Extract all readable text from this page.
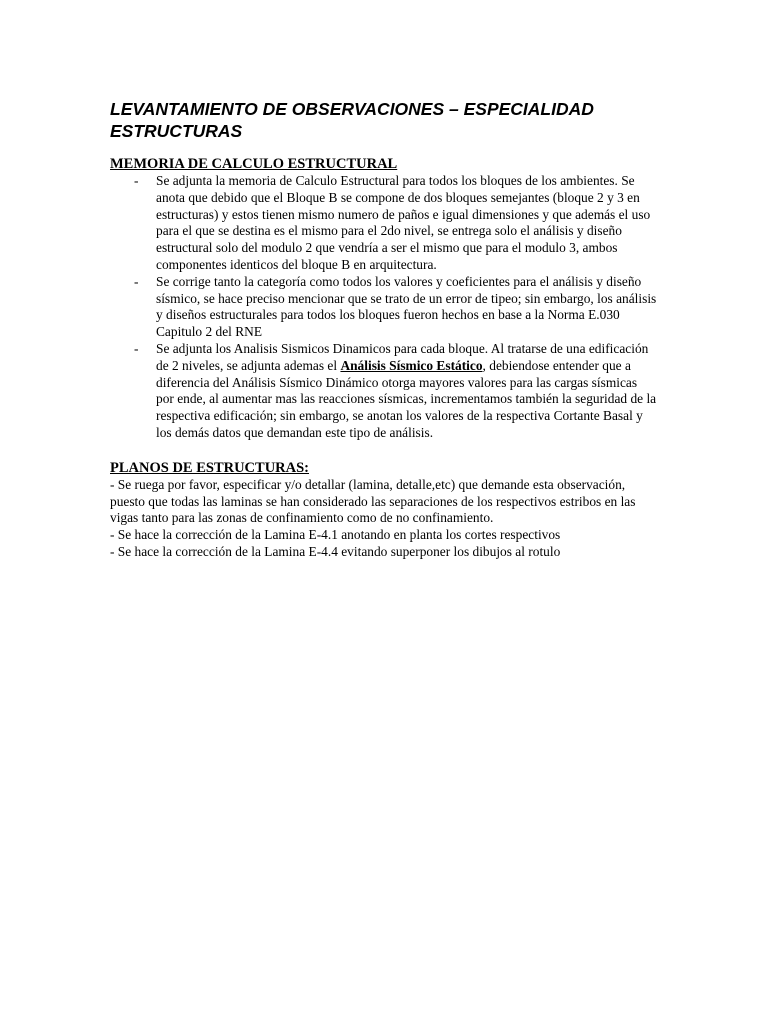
LEVANTAMIENTO DE OBSERVACIONES – ESPECIALIDAD ESTRUCTURAS
MEMORIA DE CALCULO ESTRUCTURAL
- Se adjunta la memoria de Calculo Estructural para todos los bloques de los ambientes. Se anota que debido que el Bloque B se compone de dos bloques semejantes (bloque 2 y 3 en estructuras) y estos tienen mismo numero de paños e igual dimensiones y que además el uso para el que se destina es el mismo para el 2do nivel, se entrega solo el análisis y diseño estructural solo del modulo 2 que vendría a ser el mismo que para el modulo 3, ambos componentes identicos del bloque B en arquitectura.
- Se corrige tanto la categoría como todos los valores y coeficientes para el análisis y diseño sísmico, se hace preciso mencionar que se trato de un error de tipeo; sin embargo, los análisis y diseños estructurales para todos los bloques fueron hechos en base a la Norma E.030 Capitulo 2 del RNE
- Se adjunta los Analisis Sismicos Dinamicos para cada bloque. Al tratarse de una edificación de 2 niveles, se adjunta ademas el Análisis Sísmico Estático, debiendose entender que a diferencia del Análisis Sísmico Dinámico otorga mayores valores para las cargas sísmicas por ende, al aumentar mas las reacciones sísmicas, incrementamos también la seguridad de la respectiva edificación; sin embargo, se anotan los valores de la respectiva Cortante Basal y los demás datos que demandan este tipo de análisis.
PLANOS DE ESTRUCTURAS:

- Se ruega por favor, especificar y/o detallar (lamina, detalle,etc) que demande esta observación, puesto que todas las laminas se han considerado las separaciones de los respectivos estribos en las vigas tanto para las zonas de confinamiento como de no confinamiento.

- Se hace la corrección de la Lamina E-4.1 anotando en planta los cortes respectivos

- Se hace la corrección de la Lamina E-4.4 evitando superponer los dibujos al rotulo
